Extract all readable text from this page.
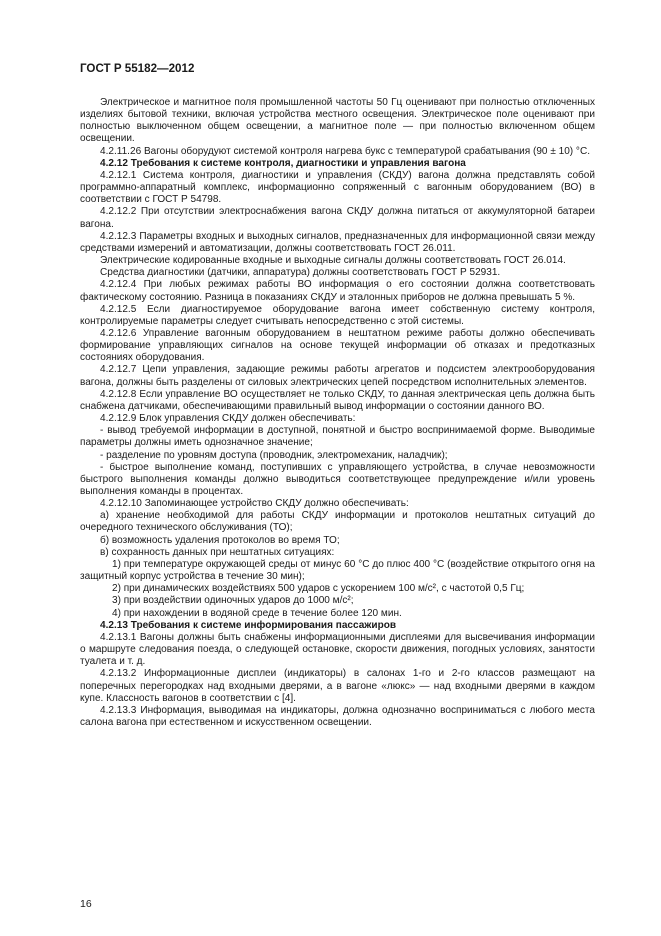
ГОСТ Р 55182—2012

Электрическое и магнитное поля промышленной частоты 50 Гц оценивают при полностью отключенных изделиях бытовой техники, включая устройства местного освещения. Электрическое поле оценивают при полностью выключенном общем освещении, а магнитное поле — при полностью включенном общем освещении.

4.2.11.26 Вагоны оборудуют системой контроля нагрева букс с температурой срабатывания (90 ± 10) °С.

4.2.12 Требования к системе контроля, диагностики и управления вагона

4.2.12.1 Система контроля, диагностики и управления (СКДУ) вагона должна представлять собой программно-аппаратный комплекс, информационно сопряженный с вагонным оборудованием (ВО) в соответствии с ГОСТ Р 54798.

4.2.12.2 При отсутствии электроснабжения вагона СКДУ должна питаться от аккумуляторной батареи вагона.

4.2.12.3 Параметры входных и выходных сигналов, предназначенных для информационной связи между средствами измерений и автоматизации, должны соответствовать ГОСТ 26.011.

Электрические кодированные входные и выходные сигналы должны соответствовать ГОСТ 26.014.

Средства диагностики (датчики, аппаратура) должны соответствовать ГОСТ Р 52931.

4.2.12.4 При любых режимах работы ВО информация о его состоянии должна соответствовать фактическому состоянию. Разница в показаниях СКДУ и эталонных приборов не должна превышать 5 %.

4.2.12.5 Если диагностируемое оборудование вагона имеет собственную систему контроля, контролируемые параметры следует считывать непосредственно с этой системы.

4.2.12.6 Управление вагонным оборудованием в нештатном режиме работы должно обеспечивать формирование управляющих сигналов на основе текущей информации об отказах и предотказных состояниях оборудования.

4.2.12.7 Цепи управления, задающие режимы работы агрегатов и подсистем электрооборудования вагона, должны быть разделены от силовых электрических цепей посредством исполнительных элементов.

4.2.12.8 Если управление ВО осуществляет не только СКДУ, то данная электрическая цепь должна быть снабжена датчиками, обеспечивающими правильный вывод информации о состоянии данного ВО.

4.2.12.9 Блок управления СКДУ должен обеспечивать:

- вывод требуемой информации в доступной, понятной и быстро воспринимаемой форме. Выводимые параметры должны иметь однозначное значение;

- разделение по уровням доступа (проводник, электромеханик, наладчик);

- быстрое выполнение команд, поступивших с управляющего устройства, в случае невозможности быстрого выполнения команды должно выводиться соответствующее предупреждение и/или уровень выполнения команды в процентах.

4.2.12.10 Запоминающее устройство СКДУ должно обеспечивать:

а) хранение необходимой для работы СКДУ информации и протоколов нештатных ситуаций до очередного технического обслуживания (ТО);

б) возможность удаления протоколов во время ТО;

в) сохранность данных при нештатных ситуациях:

1) при температуре окружающей среды от минус 60 °С до плюс 400 °С (воздействие открытого огня на защитный корпус устройства в течение 30 мин);

2) при динамических воздействиях 500 ударов с ускорением 100 м/с², с частотой 0,5 Гц;

3) при воздействии одиночных ударов до 1000 м/с²;

4) при нахождении в водяной среде в течение более 120 мин.

4.2.13 Требования к системе информирования пассажиров

4.2.13.1 Вагоны должны быть снабжены информационными дисплеями для высвечивания информации о маршруте следования поезда, о следующей остановке, скорости движения, погодных условиях, занятости туалета и т. д.

4.2.13.2 Информационные дисплеи (индикаторы) в салонах 1-го и 2-го классов размещают на поперечных перегородках над входными дверями, а в вагоне «люкс» — над входными дверями в каждом купе. Классность вагонов в соответствии с [4].

4.2.13.3 Информация, выводимая на индикаторы, должна однозначно восприниматься с любого места салона вагона при естественном и искусственном освещении.

16
